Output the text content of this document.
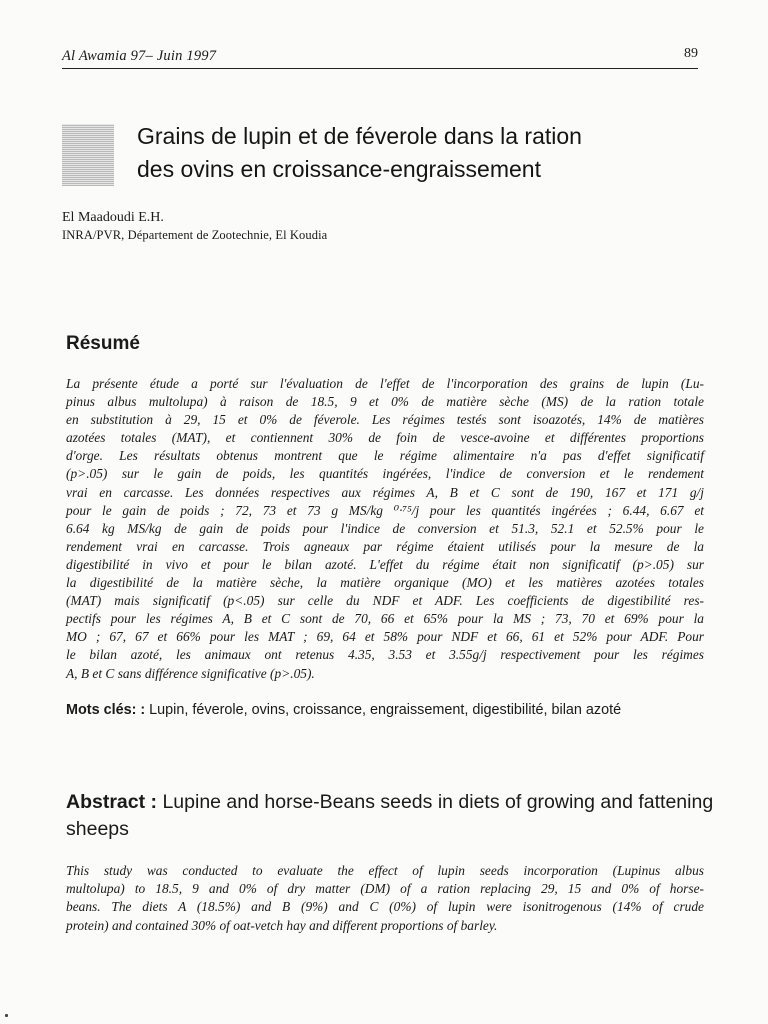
Al Awamia 97– Juin 1997	89
Grains de lupin et de féverole dans la ration
des ovins en croissance-engraissement
El Maadoudi E.H.
INRA/PVR, Département de Zootechnie, El Koudia
Résumé
La présente étude a porté sur l'évaluation de l'effet de l'incorporation des grains de lupin (Lu-
pinus albus multolupa) à raison de 18.5, 9 et 0% de matière sèche (MS) de la ration totale
en substitution à 29, 15 et 0% de féverole. Les régimes testés sont isoazotés, 14% de matières
azotées totales (MAT), et contiennent 30% de foin de vesce-avoine et différentes proportions
d'orge. Les résultats obtenus montrent que le régime alimentaire n'a pas d'effet significatif
(p>.05) sur le gain de poids, les quantités ingérées, l'indice de conversion et le rendement
vrai en carcasse. Les données respectives aux régimes A, B et C sont de 190, 167 et 171 g/j
pour le gain de poids ; 72, 73 et 73 g MS/kg ⁰·⁷⁵/j pour les quantités ingérées ; 6.44, 6.67 et
6.64 kg MS/kg de gain de poids pour l'indice de conversion et 51.3, 52.1 et 52.5% pour le
rendement vrai en carcasse. Trois agneaux par régime étaient utilisés pour la mesure de la
digestibilité in vivo et pour le bilan azoté. L'effet du régime était non significatif (p>.05) sur
la digestibilité de la matière sèche, la matière organique (MO) et les matières azotées totales
(MAT) mais significatif (p<.05) sur celle du NDF et ADF. Les coefficients de digestibilité res-
pectifs pour les régimes A, B et C sont de 70, 66 et 65% pour la MS ; 73, 70 et 69% pour la
MO ; 67, 67 et 66% pour les MAT ; 69, 64 et 58% pour NDF et 66, 61 et 52% pour ADF. Pour
le bilan azoté, les animaux ont retenus 4.35, 3.53 et 3.55g/j respectivement pour les régimes
A, B et C sans différence significative (p>.05).
Mots clés: : Lupin, féverole, ovins, croissance, engraissement, digestibilité, bilan azoté
Abstract : Lupine and horse-Beans seeds in diets of growing and fattening sheeps
This study was conducted to evaluate the effect of lupin seeds incorporation (Lupinus albus
multolupa) to 18.5, 9 and 0% of dry matter (DM) of a ration replacing 29, 15 and 0% of horse-
beans. The diets A (18.5%) and B (9%) and C (0%) of lupin were isonitrogenous (14% of crude
protein) and contained 30% of oat-vetch hay and different proportions of barley.
